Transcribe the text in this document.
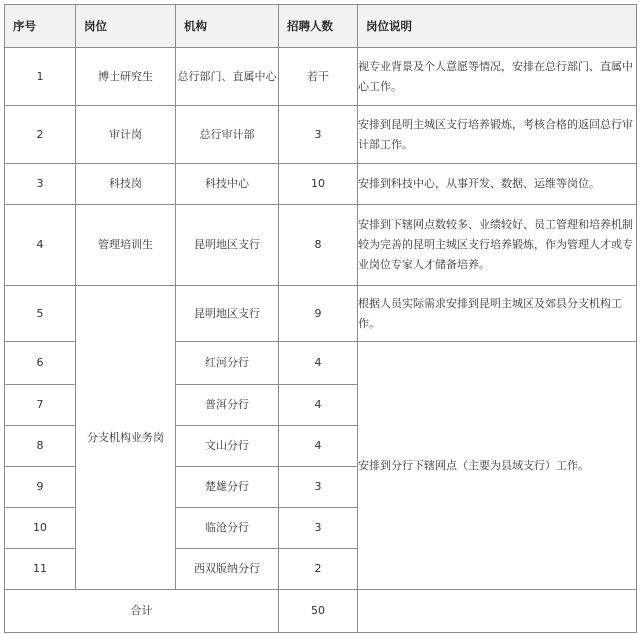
序号	岗位	机构	招聘人数	岗位说明
1	博士研究生	总行部门、直属中心	若干	视专业背景及个人意愿等情况，安排在总行部门、直属中心工作。
2	审计岗	总行审计部	3	安排到昆明主城区支行培养锻炼，考核合格的返回总行审计部工作。
3	科技岗	科技中心	10	安排到科技中心，从事开发、数据、运维等岗位。
4	管理培训生	昆明地区支行	8	安排到下辖网点数较多、业绩较好、员工管理和培养机制较为完善的昆明主城区支行培养锻炼，作为管理人才或专业岗位专家人才储备培养。
5	分支机构业务岗	昆明地区支行	9	根据人员实际需求安排到昆明主城区及郊县分支机构工作。
6		红河分行	4	安排到分行下辖网点（主要为县域支行）工作。
7		普洱分行	4	
8		文山分行	4	
9		楚雄分行	3	
10		临沧分行	3	
11		西双版纳分行	2	
合计			50	
